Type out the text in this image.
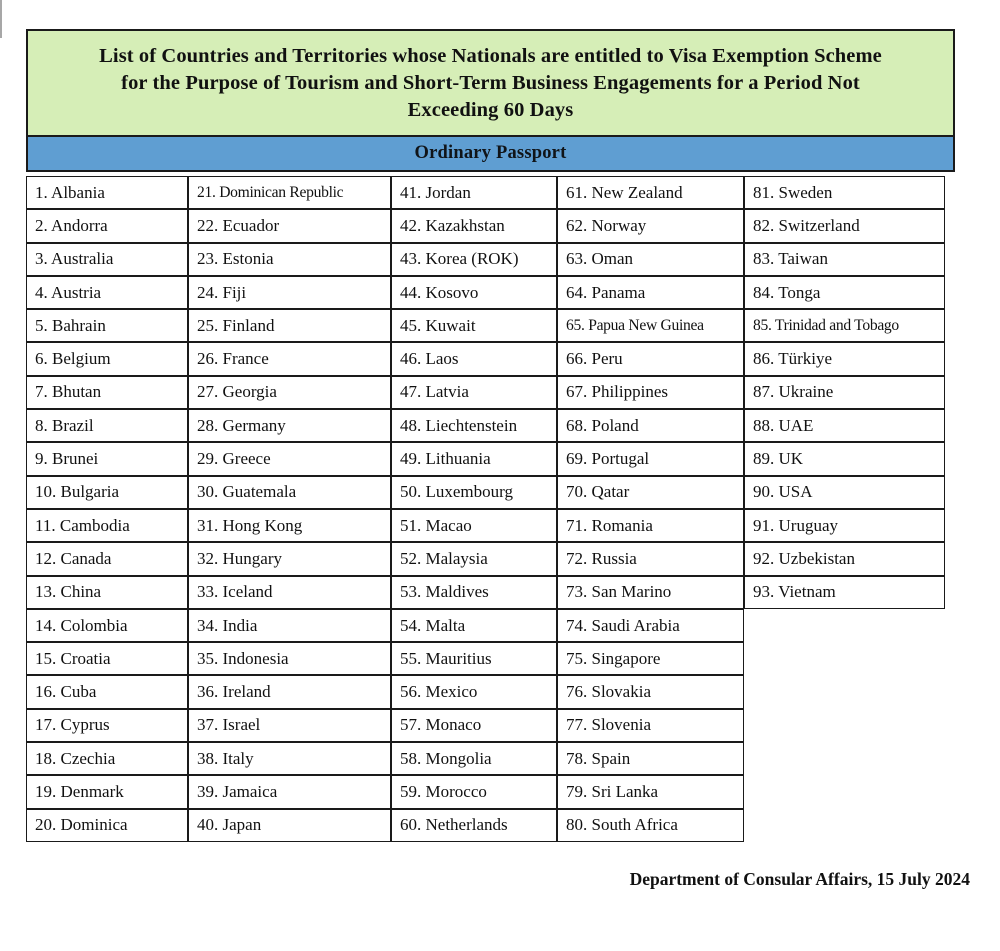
List of Countries and Territories whose Nationals are entitled to Visa Exemption Scheme
for the Purpose of Tourism and Short-Term Business Engagements for a Period Not
Exceeding 60 Days
Ordinary Passport
1. Albania
2. Andorra
3. Australia
4. Austria
5. Bahrain
6. Belgium
7. Bhutan
8. Brazil
9. Brunei
10. Bulgaria
11. Cambodia
12. Canada
13. China
14. Colombia
15. Croatia
16. Cuba
17. Cyprus
18. Czechia
19. Denmark
20. Dominica
21. Dominican Republic
22. Ecuador
23. Estonia
24. Fiji
25. Finland
26. France
27. Georgia
28. Germany
29. Greece
30. Guatemala
31. Hong Kong
32. Hungary
33. Iceland
34. India
35. Indonesia
36. Ireland
37. Israel
38. Italy
39. Jamaica
40. Japan
41. Jordan
42. Kazakhstan
43. Korea (ROK)
44. Kosovo
45. Kuwait
46. Laos
47. Latvia
48. Liechtenstein
49. Lithuania
50. Luxembourg
51. Macao
52. Malaysia
53. Maldives
54. Malta
55. Mauritius
56. Mexico
57. Monaco
58. Mongolia
59. Morocco
60. Netherlands
61. New Zealand
62. Norway
63. Oman
64. Panama
65. Papua New Guinea
66. Peru
67. Philippines
68. Poland
69. Portugal
70. Qatar
71. Romania
72. Russia
73. San Marino
74. Saudi Arabia
75. Singapore
76. Slovakia
77. Slovenia
78. Spain
79. Sri Lanka
80. South Africa
81. Sweden
82. Switzerland
83. Taiwan
84. Tonga
85. Trinidad and Tobago
86. Türkiye
87. Ukraine
88. UAE
89. UK
90. USA
91. Uruguay
92. Uzbekistan
93. Vietnam
Department of Consular Affairs, 15 July 2024
